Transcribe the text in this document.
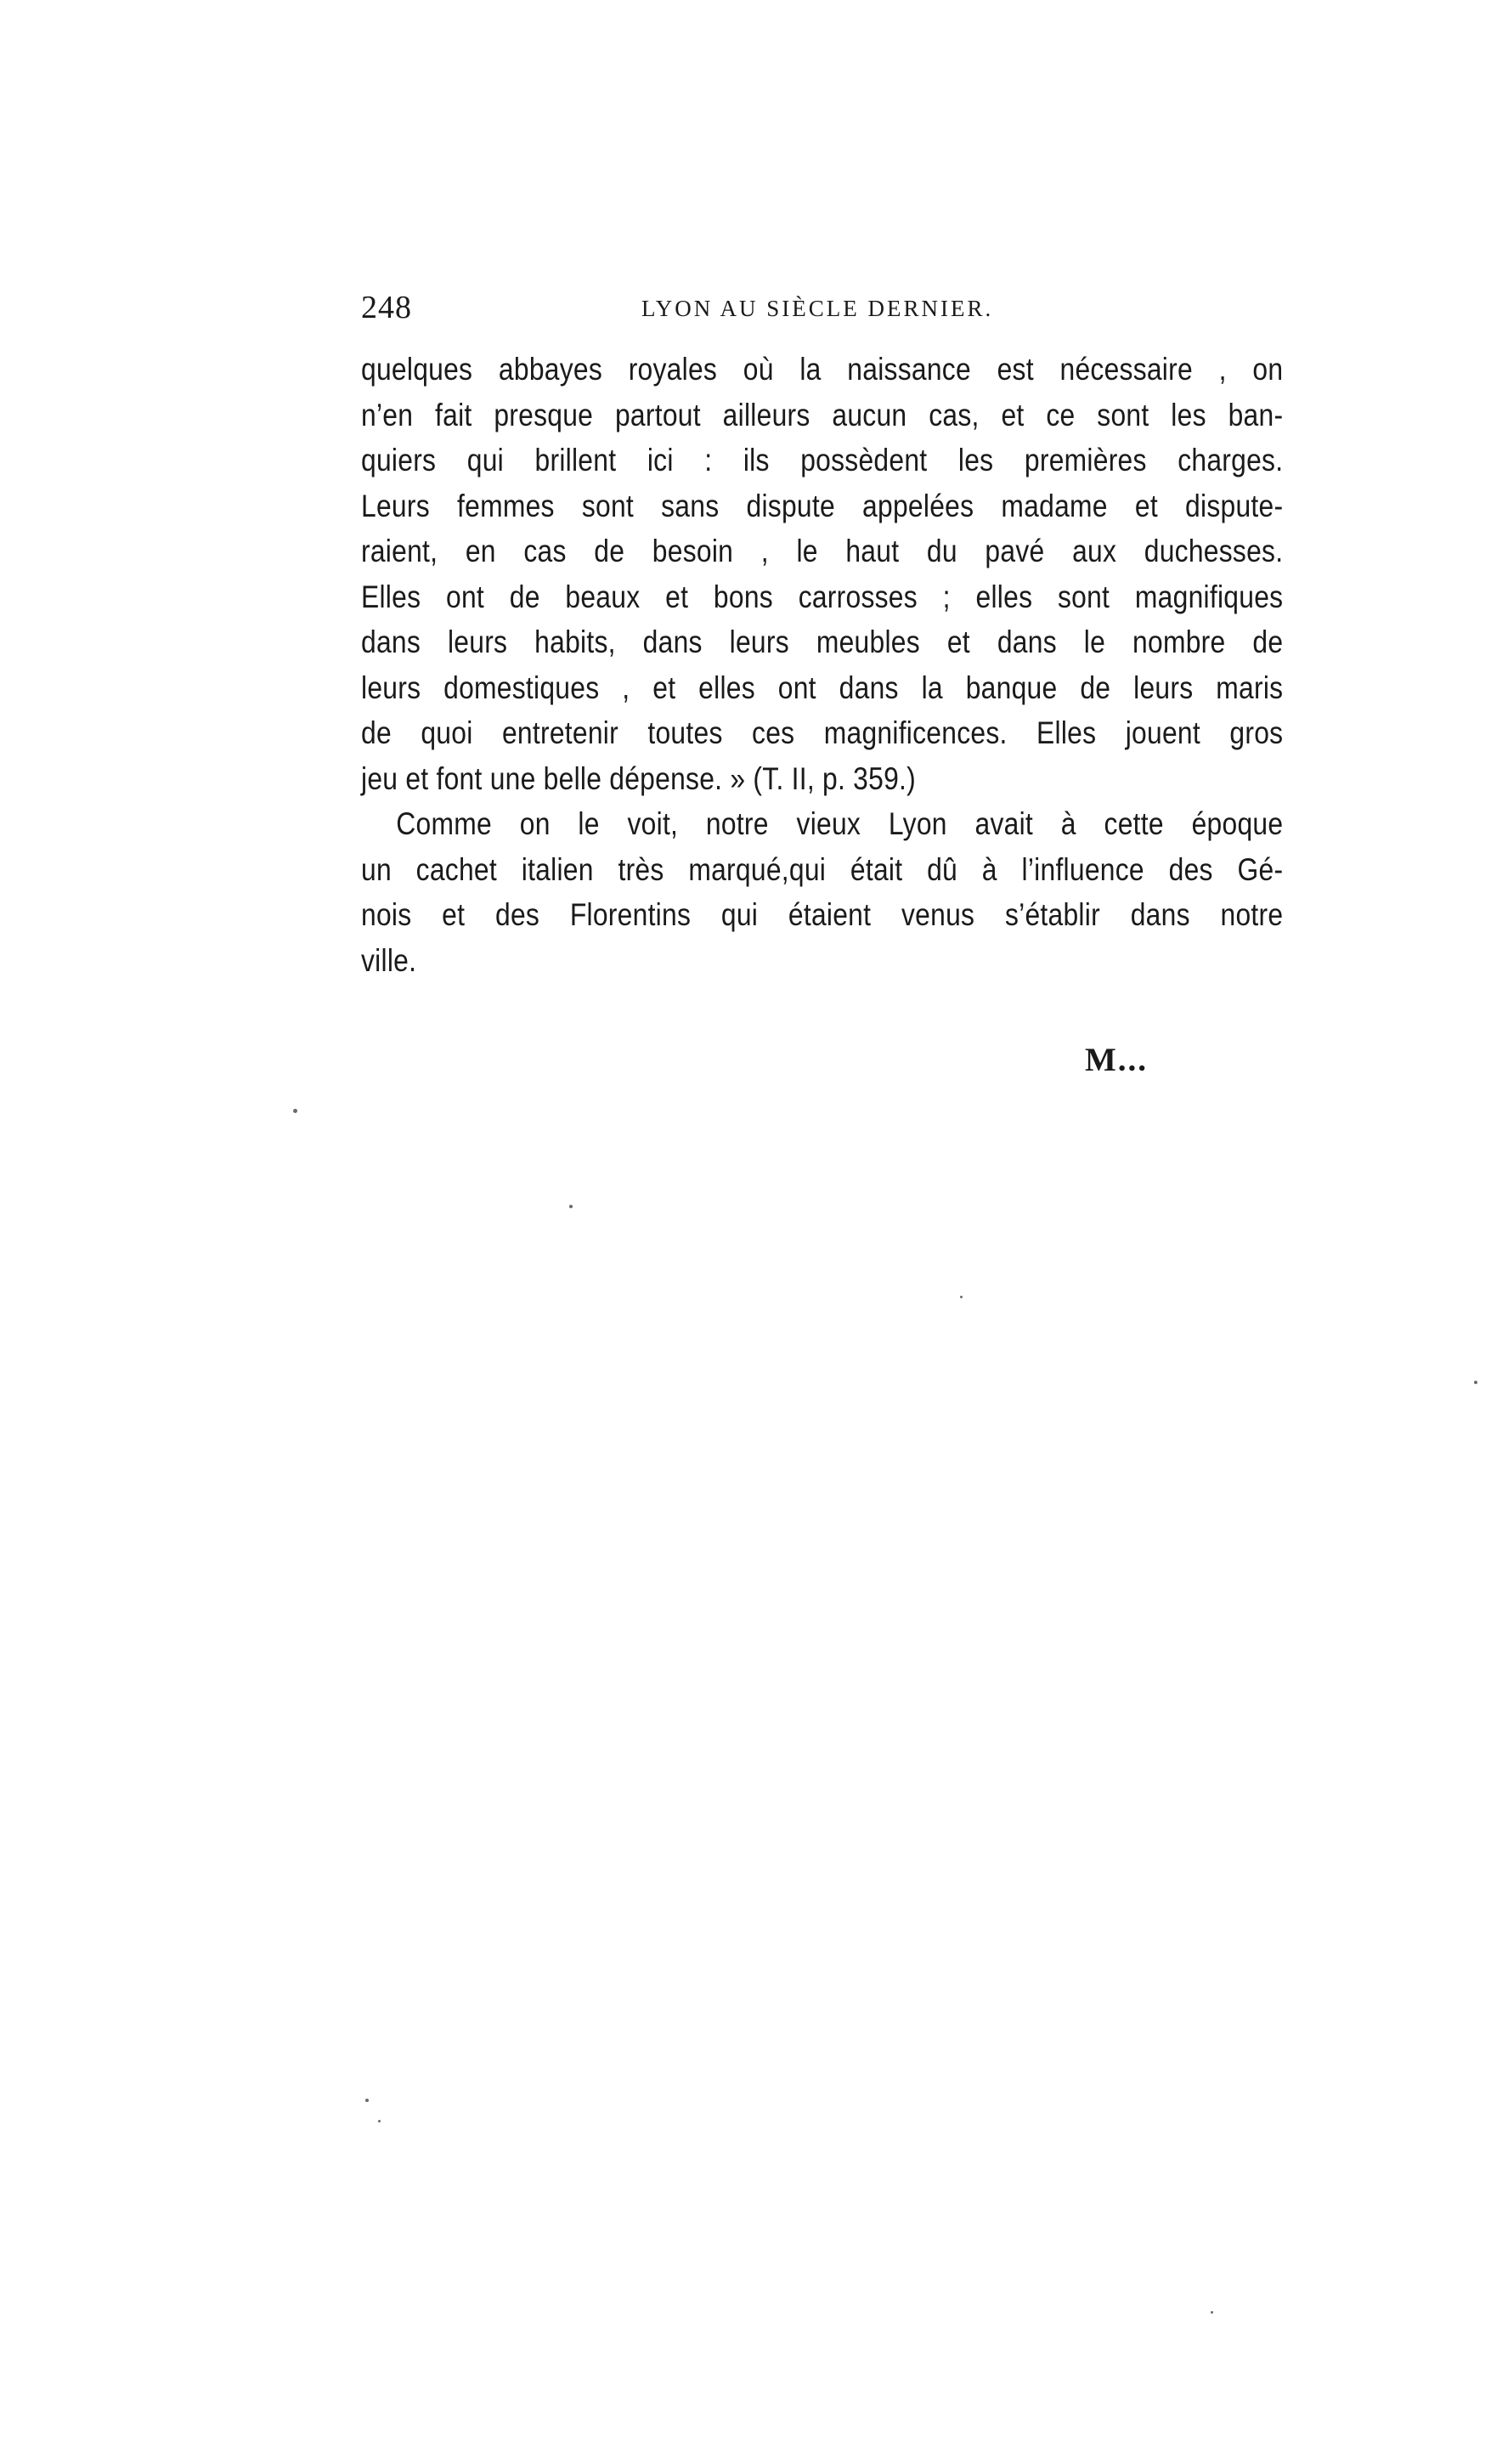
248	LYON AU SIÈCLE DERNIER.
quelques abbayes royales où la naissance est nécessaire , on
n’en fait presque partout ailleurs aucun cas, et ce sont les ban-
quiers qui brillent ici : ils possèdent les premières charges.
Leurs femmes sont sans dispute appelées madame et dispute-
raient, en cas de besoin , le haut du pavé aux duchesses.
Elles ont de beaux et bons carrosses ; elles sont magnifiques
dans leurs habits, dans leurs meubles et dans le nombre de
leurs domestiques , et elles ont dans la banque de leurs maris
de quoi entretenir toutes ces magnificences. Elles jouent gros
jeu et font une belle dépense. » (T. II, p. 359.)
Comme on le voit, notre vieux Lyon avait à cette époque
un cachet italien très marqué,qui était dû à l’influence des Gé-
nois et des Florentins qui étaient venus s’établir dans notre
ville.
M...
